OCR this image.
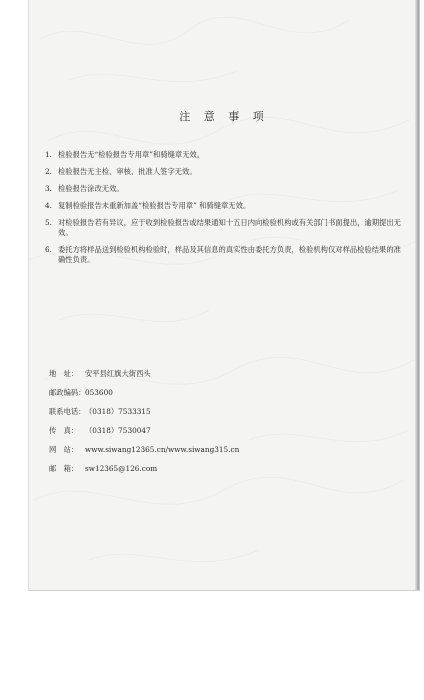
注 意 事 项
1. 检验报告无“检验报告专用章”和骑缝章无效。
2. 检验报告无主检、审核、批准人签字无效。
3. 检验报告涂改无效。
4. 复制检验报告未重新加盖“检验报告专用章” 和骑缝章无效。
5. 对检验报告若有异议，应于收到检验报告或结果通知十五日内向检验机构或有关部门书面提出，逾期提出无效。
6. 委托方将样品送到检验机构检验时，样品及其信息的真实性由委托方负责，检验机构仅对样品检验结果的准确性负责。
地　址： 安平县红旗大街西头
邮政编码： 053600
联系电话： （0318）7533315
传　真： （0318）7530047
网　站： www.siwang12365.cn/www.siwang315.cn
邮　箱： sw12365@126.com
